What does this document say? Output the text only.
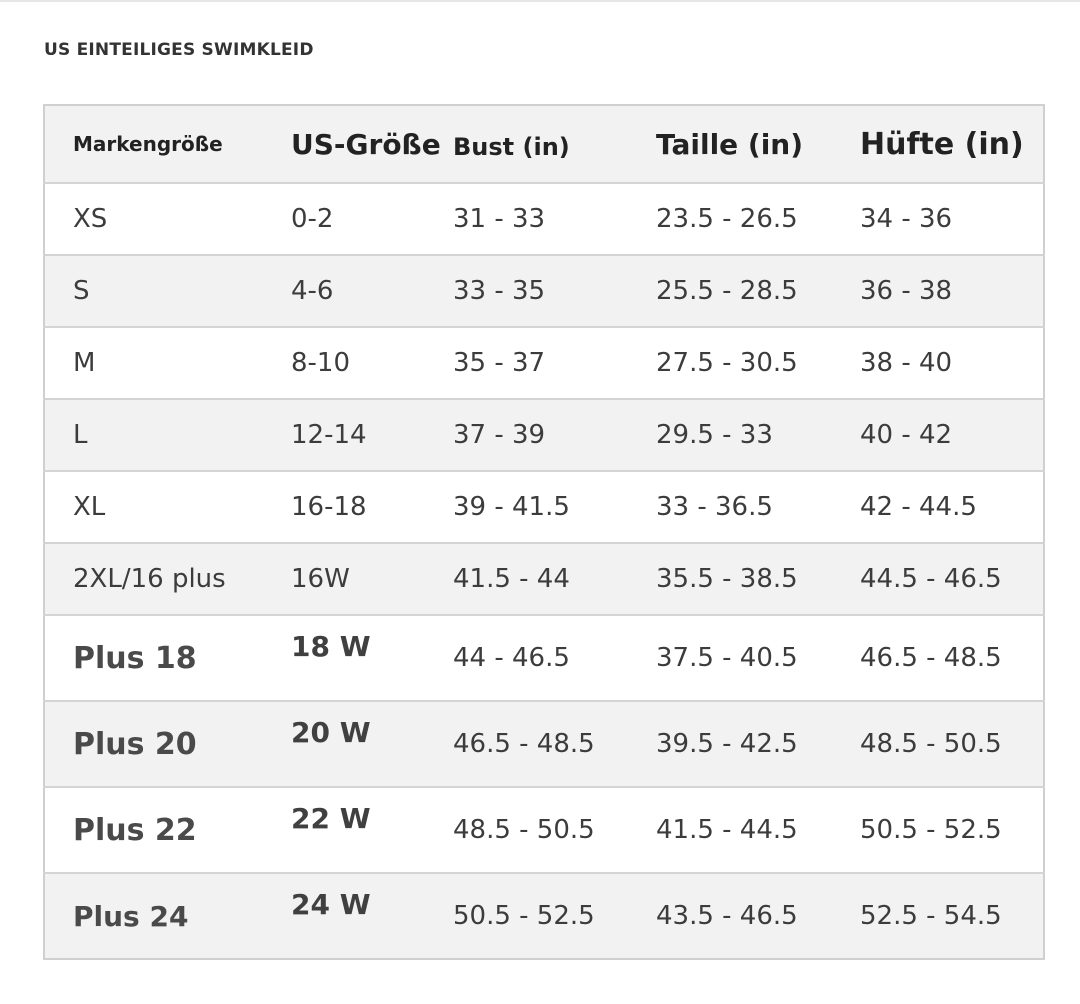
US EINTEILIGES SWIMKLEID
Markengröße	US-Größe	Bust (in)	Taille (in)	Hüfte (in)
XS	0-2	31 - 33	23.5 - 26.5	34 - 36
S	4-6	33 - 35	25.5 - 28.5	36 - 38
M	8-10	35 - 37	27.5 - 30.5	38 - 40
L	12-14	37 - 39	29.5 - 33	40 - 42
XL	16-18	39 - 41.5	33 - 36.5	42 - 44.5
2XL/16 plus	16W	41.5 - 44	35.5 - 38.5	44.5 - 46.5
Plus 18	18 W	44 - 46.5	37.5 - 40.5	46.5 - 48.5
Plus 20	20 W	46.5 - 48.5	39.5 - 42.5	48.5 - 50.5
Plus 22	22 W	48.5 - 50.5	41.5 - 44.5	50.5 - 52.5
Plus 24	24 W	50.5 - 52.5	43.5 - 46.5	52.5 - 54.5
